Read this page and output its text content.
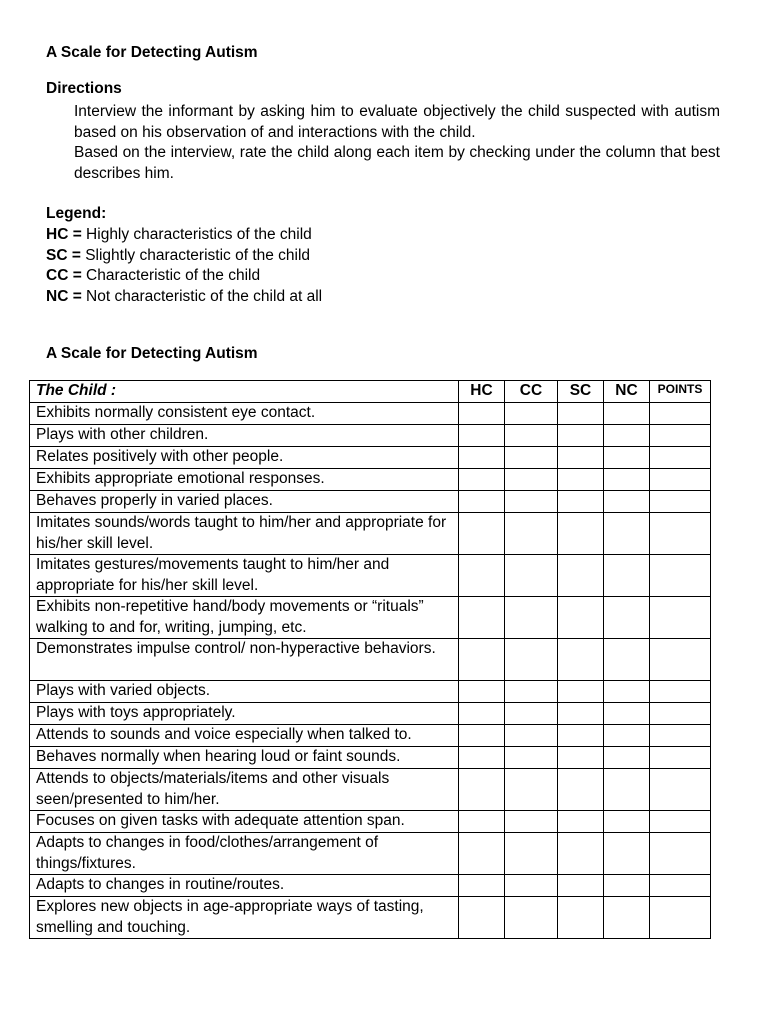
A Scale for Detecting Autism
Directions
Interview the informant by asking him to evaluate objectively the child suspected with autism based on his observation of and interactions with the child.
Based on the interview, rate the child along each item by checking under the column that best describes him.
Legend:
HC = Highly characteristics of the child
SC = Slightly characteristic of the child
CC = Characteristic of the child
NC = Not characteristic of the child at all
A Scale for Detecting Autism
The Child :	HC	CC	SC	NC	POINTS
Exhibits normally consistent eye contact.					
Plays with other children.					
Relates positively with other people.					
Exhibits appropriate emotional responses.					
Behaves properly in varied places.					
Imitates sounds/words taught to him/her and appropriate for his/her skill level.					
Imitates gestures/movements taught to him/her and appropriate for his/her skill level.					
Exhibits non-repetitive hand/body movements or “rituals” walking to and for, writing, jumping, etc.					
Demonstrates impulse control/ non-hyperactive behaviors.					
Plays with varied objects.					
Plays with toys appropriately.					
Attends to sounds and voice especially when talked to.					
Behaves normally when hearing loud or faint sounds.					
Attends to objects/materials/items and other visuals seen/presented to him/her.					
Focuses on given tasks with adequate attention span.					
Adapts to changes in food/clothes/arrangement of things/fixtures.					
Adapts to changes in routine/routes.					
Explores new objects in age-appropriate ways of tasting, smelling and touching.					
